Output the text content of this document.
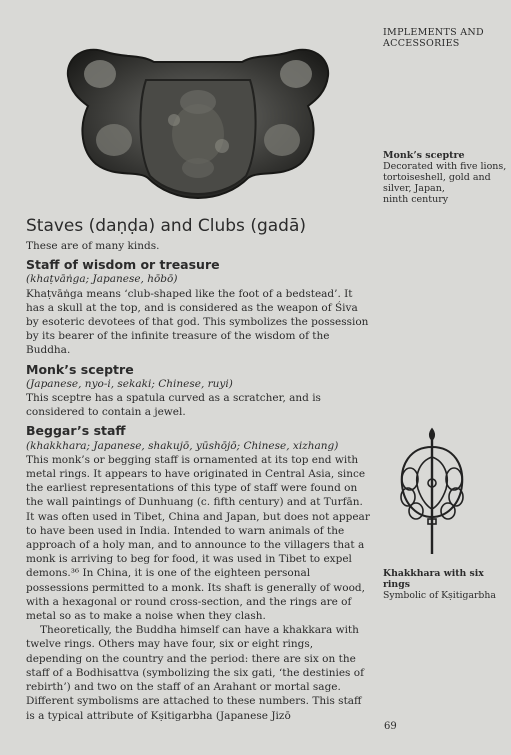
IMPLEMENTS AND
ACCESSORIES
Monk’s sceptre
Decorated with five lions,
tortoiseshell, gold and
silver, Japan,
ninth century
Staves (daṇḍa) and Clubs (gadā)

These are of many kinds.

Staff of wisdom or treasure

(khaṭvāṅga; Japanese, hōbō)

Khaṭvāṅga means ‘club-shaped like the foot of a bedstead’. It has a skull at the top, and is considered as the weapon of Śiva by esoteric devotees of that god. This symbolizes the possession by its bearer of the infinite treasure of the wisdom of the Buddha.

Monk’s sceptre

(Japanese, nyo-i, sekaki; Chinese, ruyi)

This sceptre has a spatula curved as a scratcher, and is considered to contain a jewel.

Beggar’s staff

(khakkhara; Japanese, shakujō, yūshōjō; Chinese, xizhang)

This monk’s or begging staff is ornamented at its top end with metal rings. It appears to have originated in Central Asia, since the earliest representations of this type of staff were found on the wall paintings of Dunhuang (c. fifth century) and at Turfān. It was often used in Tibet, China and Japan, but does not appear to have been used in India. Intended to warn animals of the approach of a holy man, and to announce to the villagers that a monk is arriving to beg for food, it was used in Tibet to expel demons.³⁶ In China, it is one of the eighteen personal possessions permitted to a monk. Its shaft is generally of wood, with a hexagonal or round cross-section, and the rings are of metal so as to make a noise when they clash.

Theoretically, the Buddha himself can have a khakkara with twelve rings. Others may have four, six or eight rings, depending on the country and the period: there are six on the staff of a Bodhisattva (symbolizing the six gati, ‘the destinies of rebirth’) and two on the staff of an Arahant or mortal sage. Different symbolisms are attached to these numbers. This staff is a typical attribute of Kṣitigarbha (Japanese Jizō

Khakkhara with six rings
Symbolic of Kṣitigarbha
69
